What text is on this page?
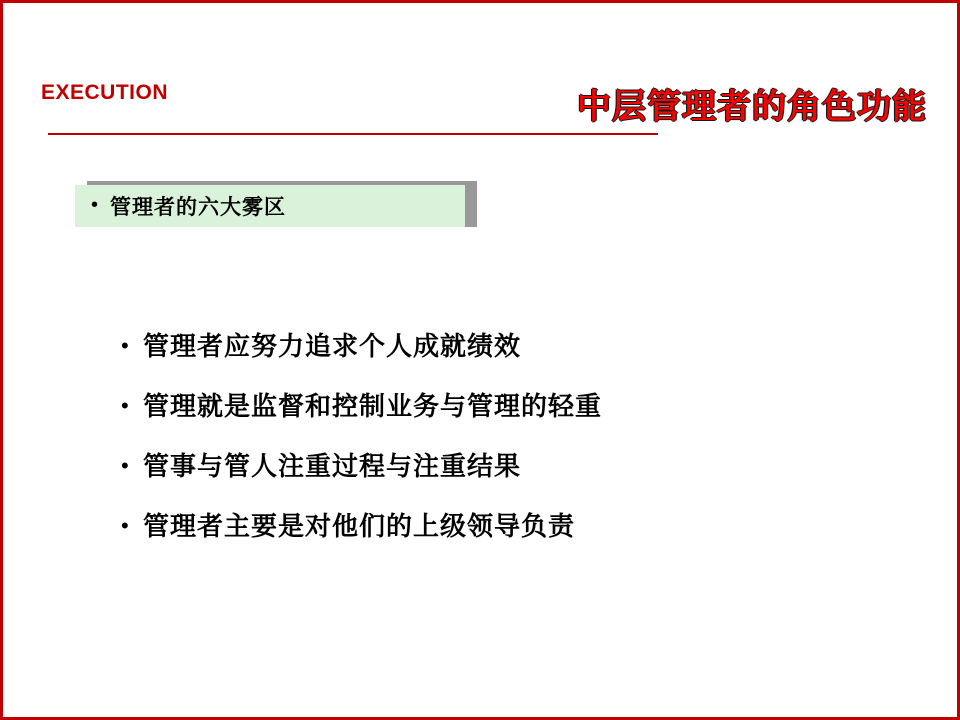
EXECUTION	中层管理者的角色功能
• 管理者的六大雾区
• 管理者应努力追求个人成就绩效
• 管理就是监督和控制业务与管理的轻重
• 管事与管人注重过程与注重结果
• 管理者主要是对他们的上级领导负责
